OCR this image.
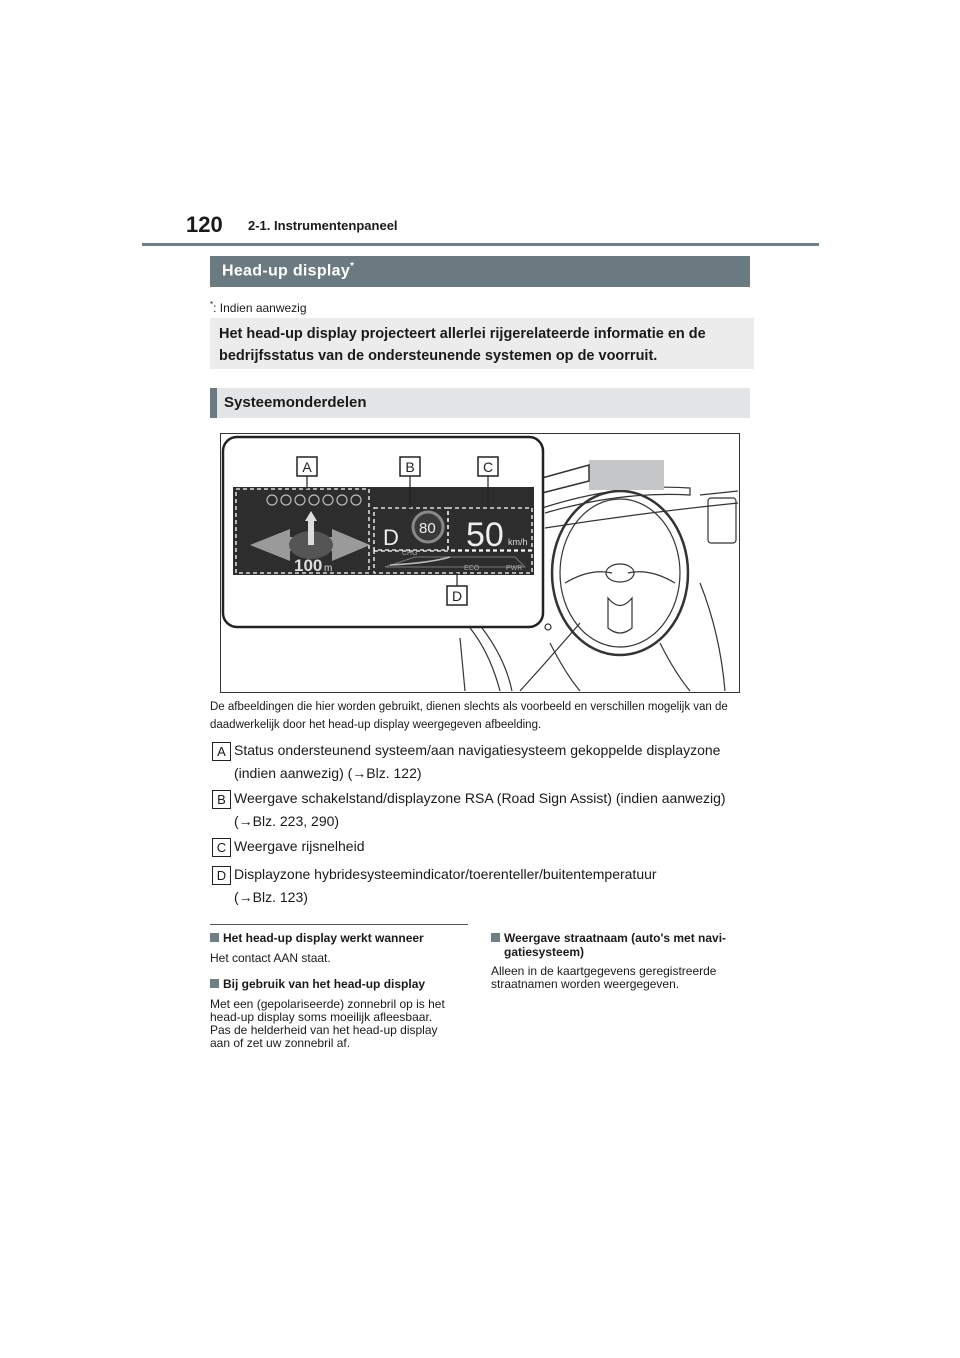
120 2-1. Instrumentenpaneel
Head-up display*
*: Indien aanwezig
Het head-up display projecteert allerlei rijgerelateerde informatie en de bedrijfsstatus van de ondersteunende systemen op de voorruit.
Systeemonderdelen
100 m
D 80 50 km/h
CHG
ECO	PWR
A	B	C
D
De afbeeldingen die hier worden gebruikt, dienen slechts als voorbeeld en verschillen mogelijk van de daadwerkelijk door het head-up display weergegeven afbeelding.
A Status ondersteunend systeem/aan navigatiesysteem gekoppelde displayzone
(indien aanwezig) (→Blz. 122)
B Weergave schakelstand/displayzone RSA (Road Sign Assist) (indien aanwezig)
(→Blz. 223, 290)
C Weergave rijsnelheid
D Displayzone hybridesysteemindicator/toerenteller/buitentemperatuur
(→Blz. 123)
Het head-up display werkt wanneer
Het contact AAN staat.
Bij gebruik van het head-up display
Met een (gepolariseerde) zonnebril op is het
head-up display soms moeilijk afleesbaar.
Pas de helderheid van het head-up display
aan of zet uw zonnebril af.
Weergave straatnaam (auto's met navi-
gatiesysteem)
Alleen in de kaartgegevens geregistreerde
straatnamen worden weergegeven.
